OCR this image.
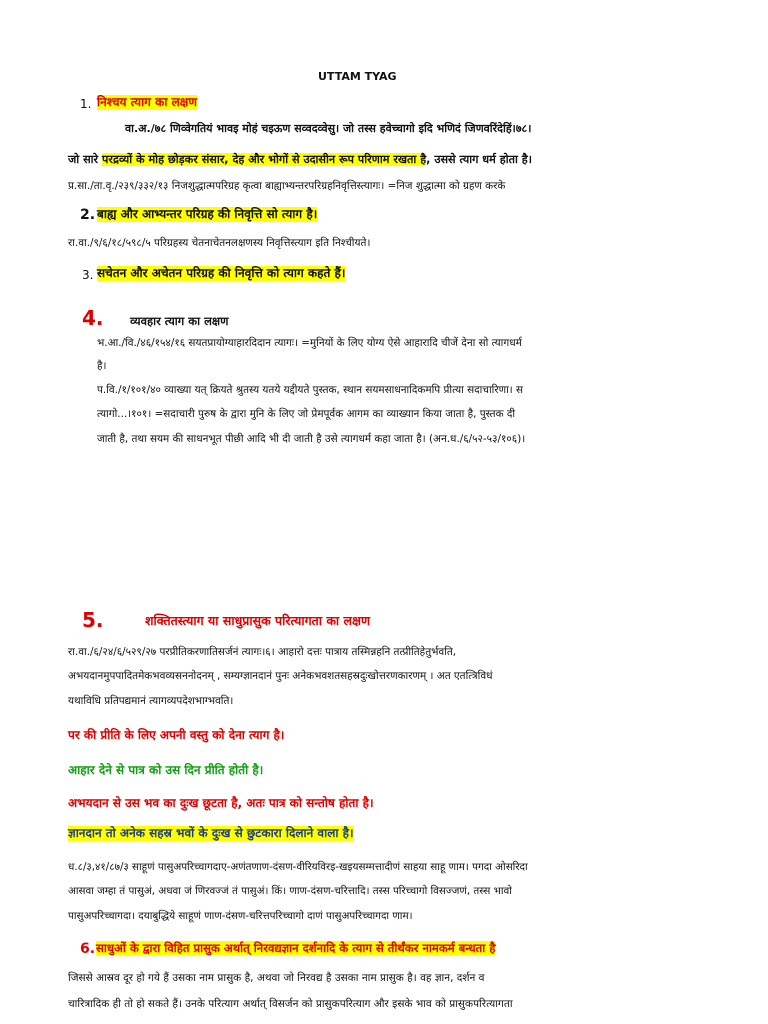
UTTAM TYAG
1. निश्चय त्याग का लक्षण
वा.अ./७८ णिव्वेगतियं भावइ मोहं चइऊण सव्वदव्वेसु। जो तस्स हवेच्चागो इदि भणिदं जिणवरिंदेहिं।७८।
जो सारे परद्रव्यों के मोह छोड़कर संसार, देह और भोगों से उदासीन रूप परिणाम रखता है, उससे त्याग धर्म होता है।
प्र.सा./ता.वृ./२३९/३३२/१३ निजशुद्धात्मपरिग्रह कृत्वा बाह्याभ्यन्तरपरिग्रहनिवृत्तिस्त्यागः। =निज शुद्धात्मा को ग्रहण करके
2. बाह्य और आभ्यन्तर परिग्रह की निवृत्ति सो त्याग है।
रा.वा./९/६/१८/५९८/५ परिग्रहस्य चेतनाचेतनलक्षणस्य निवृत्तिस्त्याग इति निश्चीयते।
3. सचेतन और अचेतन परिग्रह की निवृत्ति को त्याग कहते हैं।
4. व्यवहार त्याग का लक्षण
भ.आ./वि./४६/१५४/१६ सयतप्रायोग्याहारदिदान त्यागः। =मुनियों के लिए योग्य ऐसे आहारादि चीजें देना सो त्यागधर्म
है।
प.वि./१/१०१/४० व्याख्या यत् क्रियते श्रुतस्य यतये यद्दीयते पुस्तक, स्थान सयमसाधनादिकमपि प्रीत्या सदाचारिणा। स
त्यागो...।१०१। =सदाचारी पुरुष के द्वारा मुनि के लिए जो प्रेमपूर्वक आगम का व्याख्यान किया जाता है, पुस्तक दी
जाती है, तथा सयम की साधनभूत पीछी आदि भी दी जाती है उसे त्यागधर्म कहा जाता है। (अन.ध./६/५२-५३/१०६)।
5.	शक्तितस्त्याग या साधुप्रासुक परित्यागता का लक्षण
रा.वा./६/२४/६/५२९/२७ परप्रीतिकरणातिसर्जनं त्यागः।६। आहारो दत्तः पात्राय तस्मिन्नहनि तत्प्रीतिहेतुर्भवति,
अभयदानमुपपादितमेकभवव्यसननोदनम् , सम्यग्ज्ञानदानं पुनः अनेकभवशतसहस्रदुःखोत्तरणकारणम् । अत एतत्त्रिविधं
यथाविधि प्रतिपद्यमानं त्यागव्यपदेशभाग्भवति।
पर की प्रीति के लिए अपनी वस्तु को देना त्याग है।
आहार देने से पात्र को उस दिन प्रीति होती है।
अभयदान से उस भव का दुःख छूटता है, अतः पात्र को सन्तोष होता है।
ज्ञानदान तो अनेक सहस्र भवों के दुःख से छुटकारा दिलाने वाला है।
ध.८/३,४१/८७/३ साहूणं पासुअपरिच्चागदाए-अणंतणाण-दंसण-वीरियविरइ-खइयसम्मत्तादीणं साहया साहू णाम। पगदा ओसरिदा
आसवा जम्हा तं पासुअं, अधवा जं णिरवज्जं तं पासुअं। किं। णाण-दंसण-चरित्तादि। तस्स परिच्चागो विसज्जणं, तस्स भावो
पासुअपरिच्चागदा। दयाबुद्धिये साहूणं णाण-दंसण-चरित्तपरिच्चागो दाणं पासुअपरिच्चागदा णाम।
6. साधुओं के द्वारा विहित प्रासुक अर्थात् निरवद्यज्ञान दर्शनादि के त्याग से तीर्थंकर नामकर्म बन्धता है
जिससे आस्रव दूर हो गये हैं उसका नाम प्रासुक है, अथवा जो निरवद्य है उसका नाम प्रासुक है। वह ज्ञान, दर्शन व
चारित्रादिक ही तो हो सकते हैं। उनके परित्याग अर्थात् विसर्जन को प्रासुकपरित्याग और इसके भाव को प्रासुकपरित्यागता
